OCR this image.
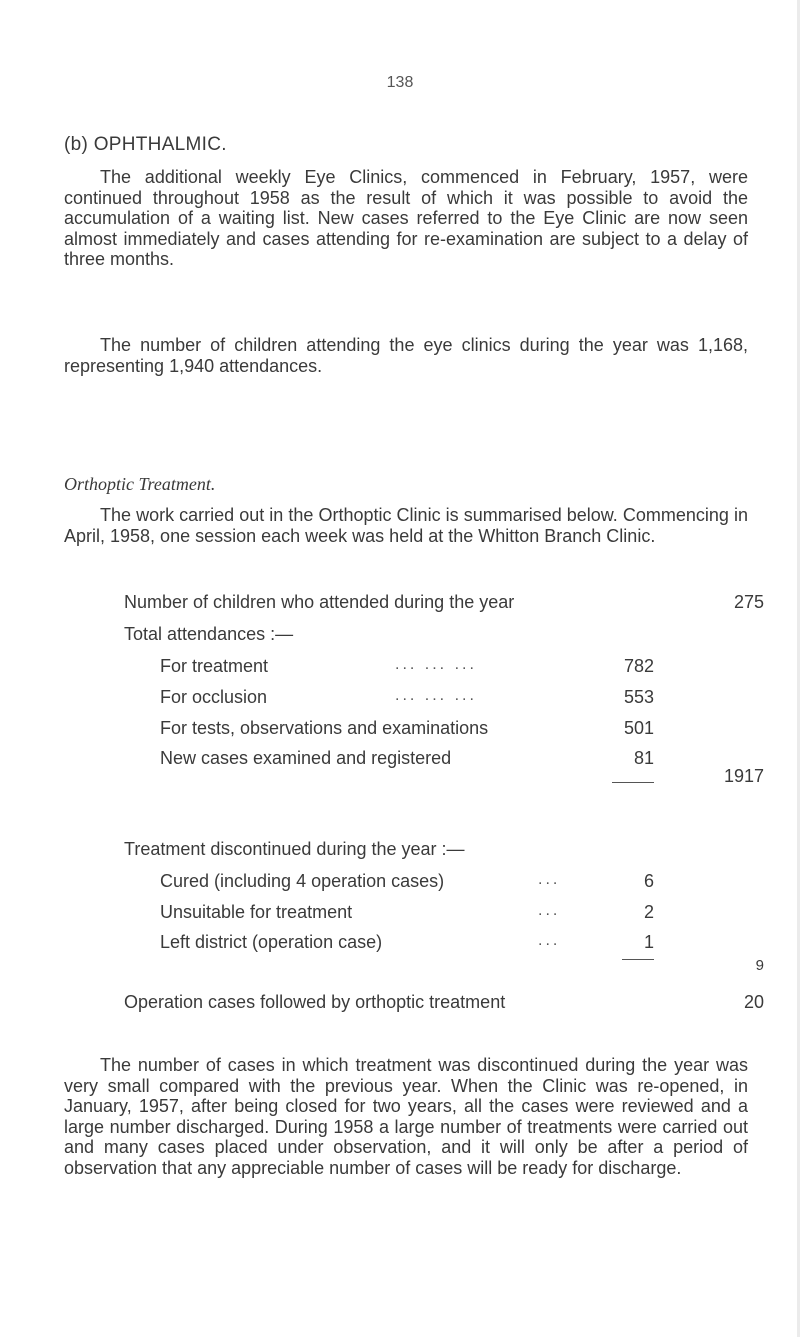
138
(b) OPHTHALMIC.
The additional weekly Eye Clinics, commenced in February, 1957, were continued throughout 1958 as the result of which it was possible to avoid the accumulation of a waiting list. New cases referred to the Eye Clinic are now seen almost immediately and cases attending for re-examination are subject to a delay of three months.
The number of children attending the eye clinics during the year was 1,168, representing 1,940 attendances.
Orthoptic Treatment.
The work carried out in the Orthoptic Clinic is summarised below. Commencing in April, 1958, one session each week was held at the Whitton Branch Clinic.
Number of children who attended during the year	275
Total attendances :—
For treatment	... ... ...	782
For occlusion	... ... ...	553
For tests, observations and examinations	501
New cases examined and registered	81
1917
Treatment discontinued during the year :—
Cured (including 4 operation cases)	...	6
Unsuitable for treatment	...	2
Left district (operation case)	...	1
9
Operation cases followed by orthoptic treatment	20
The number of cases in which treatment was discontinued during the year was very small compared with the previous year. When the Clinic was re-opened, in January, 1957, after being closed for two years, all the cases were reviewed and a large number discharged. During 1958 a large number of treatments were carried out and many cases placed under observation, and it will only be after a period of observation that any appreciable number of cases will be ready for discharge.
